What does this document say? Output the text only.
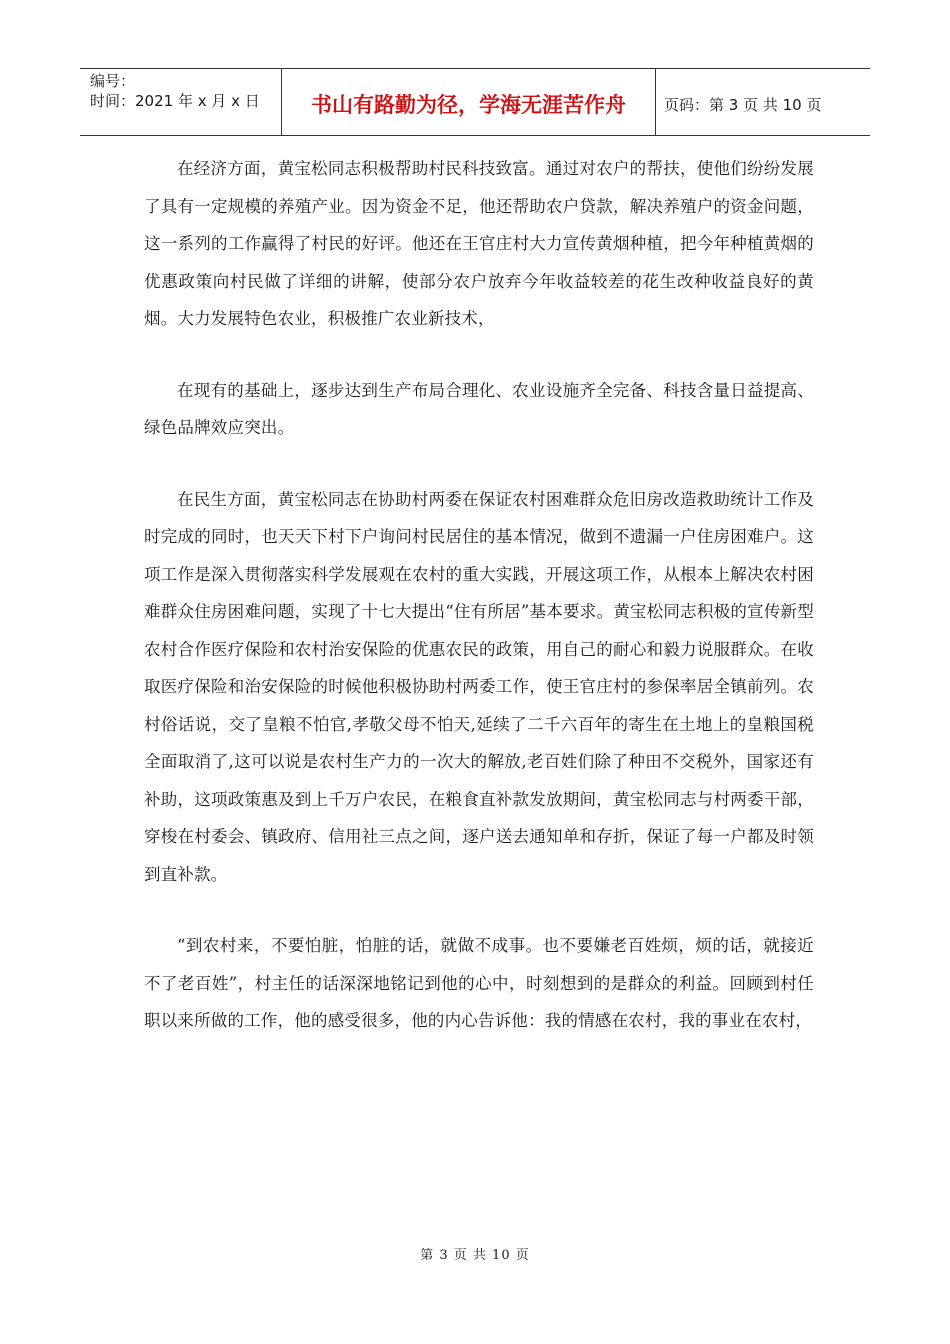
编号：
时间：2021 年 x 月 x 日	书山有路勤为径，学海无涯苦作舟	页码：第 3 页 共 10 页

在经济方面，黄宝松同志积极帮助村民科技致富。通过对农户的帮扶，使他们纷纷发展了具有一定规模的养殖产业。因为资金不足，他还帮助农户贷款，解决养殖户的资金问题，这一系列的工作赢得了村民的好评。他还在王官庄村大力宣传黄烟种植，把今年种植黄烟的优惠政策向村民做了详细的讲解，使部分农户放弃今年收益较差的花生改种收益良好的黄烟。大力发展特色农业，积极推广农业新技术，

在现有的基础上，逐步达到生产布局合理化、农业设施齐全完备、科技含量日益提高、绿色品牌效应突出。

在民生方面，黄宝松同志在协助村两委在保证农村困难群众危旧房改造救助统计工作及时完成的同时，也天天下村下户询问村民居住的基本情况，做到不遗漏一户住房困难户。这项工作是深入贯彻落实科学发展观在农村的重大实践，开展这项工作，从根本上解决农村困难群众住房困难问题，实现了十七大提出“住有所居”基本要求。黄宝松同志积极的宣传新型农村合作医疗保险和农村治安保险的优惠农民的政策，用自己的耐心和毅力说服群众。在收取医疗保险和治安保险的时候他积极协助村两委工作，使王官庄村的参保率居全镇前列。农村俗话说，交了皇粮不怕官,孝敬父母不怕天,延续了二千六百年的寄生在土地上的皇粮国税全面取消了,这可以说是农村生产力的一次大的解放,老百姓们除了种田不交税外，国家还有补助，这项政策惠及到上千万户农民，在粮食直补款发放期间，黄宝松同志与村两委干部，穿梭在村委会、镇政府、信用社三点之间，逐户送去通知单和存折，保证了每一户都及时领到直补款。

“到农村来，不要怕脏，怕脏的话，就做不成事。也不要嫌老百姓烦，烦的话，就接近不了老百姓”，村主任的话深深地铭记到他的心中，时刻想到的是群众的利益。回顾到村任职以来所做的工作，他的感受很多，他的内心告诉他：我的情感在农村，我的事业在农村，

第 3 页 共 10 页
